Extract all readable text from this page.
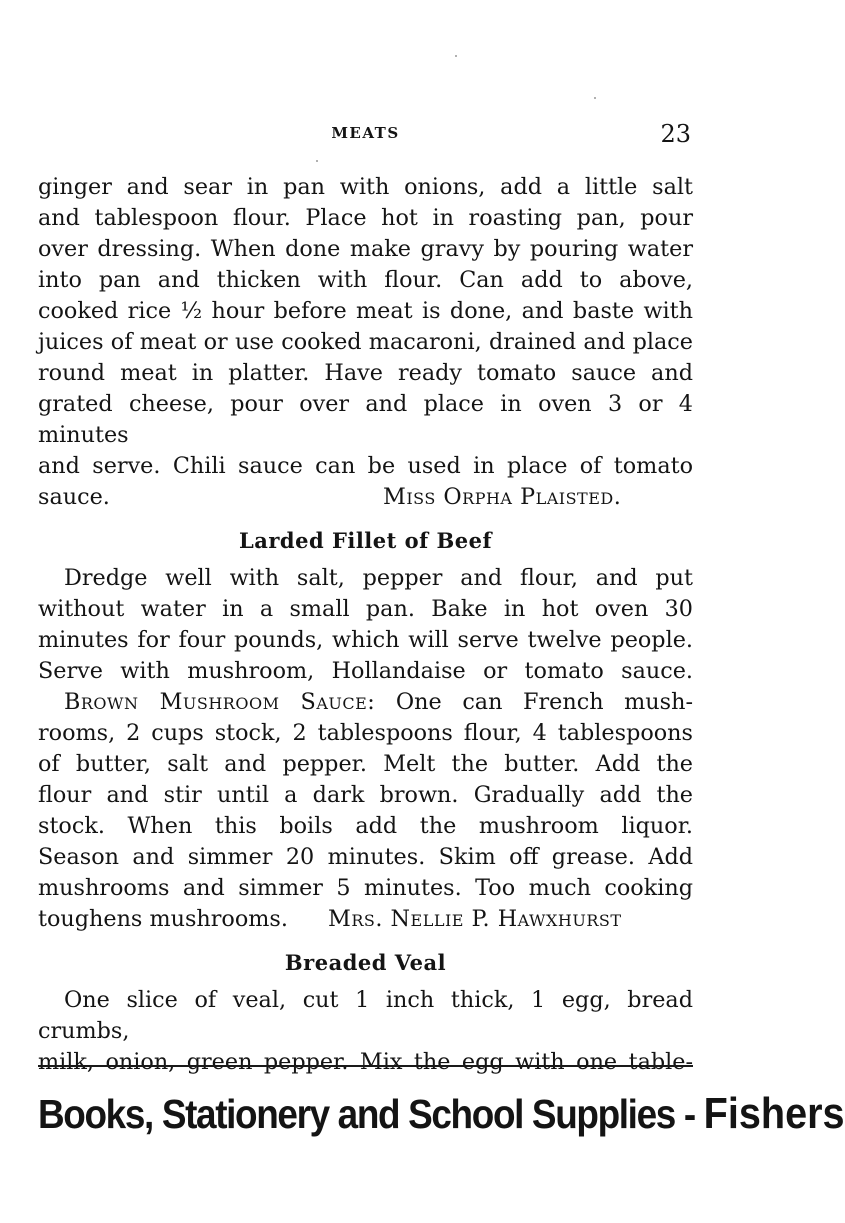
MEATS	23

ginger and sear in pan with onions, add a little salt

and tablespoon flour. Place hot in roasting pan, pour

over dressing. When done make gravy by pouring water

into pan and thicken with flour. Can add to above,

cooked rice ½ hour before meat is done, and baste with

juices of meat or use cooked macaroni, drained and place

round meat in platter. Have ready tomato sauce and

grated cheese, pour over and place in oven 3 or 4 minutes

and serve. Chili sauce can be used in place of tomato

sauce.	Miss Orpha Plaisted.
Larded Fillet of Beef

Dredge well with salt, pepper and flour, and put

without water in a small pan. Bake in hot oven 30

minutes for four pounds, which will serve twelve people.

Serve with mushroom, Hollandaise or tomato sauce.

Brown Mushroom Sauce: One can French mush-

rooms, 2 cups stock, 2 tablespoons flour, 4 tablespoons

of butter, salt and pepper. Melt the butter. Add the

flour and stir until a dark brown. Gradually add the

stock. When this boils add the mushroom liquor.

Season and simmer 20 minutes. Skim off grease. Add

mushrooms and simmer 5 minutes. Too much cooking

toughens mushrooms. Mrs. Nellie P. Hawxhurst
Breaded Veal

One slice of veal, cut 1 inch thick, 1 egg, bread crumbs,

milk, onion, green pepper. Mix the egg with one table-

Books, Stationery and School Supplies - Fishers
